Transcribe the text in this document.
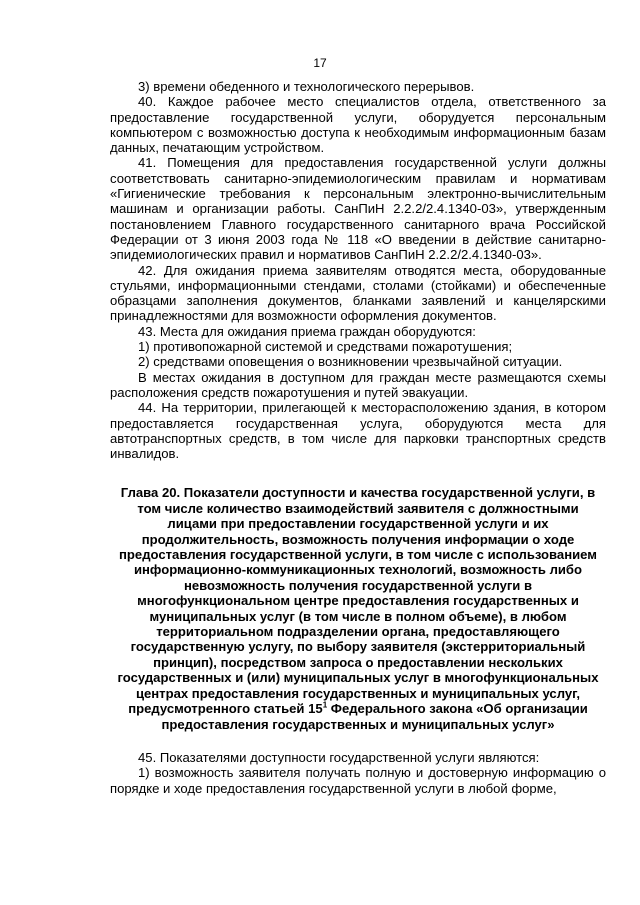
17

3) времени обеденного и технологического перерывов.

40. Каждое рабочее место специалистов отдела, ответственного за предоставление государственной услуги, оборудуется персональным компьютером с возможностью доступа к необходимым информационным базам данных, печатающим устройством.

41. Помещения для предоставления государственной услуги должны соответствовать санитарно-эпидемиологическим правилам и нормативам «Гигиенические требования к персональным электронно-вычислительным машинам и организации работы. СанПиН 2.2.2/2.4.1340-03», утвержденным постановлением Главного государственного санитарного врача Российской Федерации от 3 июня 2003 года № 118 «О введении в действие санитарно-эпидемиологических правил и нормативов СанПиН 2.2.2/2.4.1340-03».

42. Для ожидания приема заявителям отводятся места, оборудованные стульями, информационными стендами, столами (стойками) и обеспеченные образцами заполнения документов, бланками заявлений и канцелярскими принадлежностями для возможности оформления документов.

43. Места для ожидания приема граждан оборудуются:

1) противопожарной системой и средствами пожаротушения;

2) средствами оповещения о возникновении чрезвычайной ситуации.

В местах ожидания в доступном для граждан месте размещаются схемы расположения средств пожаротушения и путей эвакуации.

44. На территории, прилегающей к месторасположению здания, в котором предоставляется государственная услуга, оборудуются места для автотранспортных средств, в том числе для парковки транспортных средств инвалидов.

Глава 20. Показатели доступности и качества государственной услуги, в том числе количество взаимодействий заявителя с должностными лицами при предоставлении государственной услуги и их продолжительность, возможность получения информации о ходе предоставления государственной услуги, в том числе с использованием информационно-коммуникационных технологий, возможность либо невозможность получения государственной услуги в многофункциональном центре предоставления государственных и муниципальных услуг (в том числе в полном объеме), в любом территориальном подразделении органа, предоставляющего государственную услугу, по выбору заявителя (экстерриториальный принцип), посредством запроса о предоставлении нескольких государственных и (или) муниципальных услуг в многофункциональных центрах предоставления государственных и муниципальных услуг, предусмотренного статьей $15^1$ Федерального закона «Об организации предоставления государственных и муниципальных услуг»

45. Показателями доступности государственной услуги являются:

1) возможность заявителя получать полную и достоверную информацию о порядке и ходе предоставления государственной услуги в любой форме,
